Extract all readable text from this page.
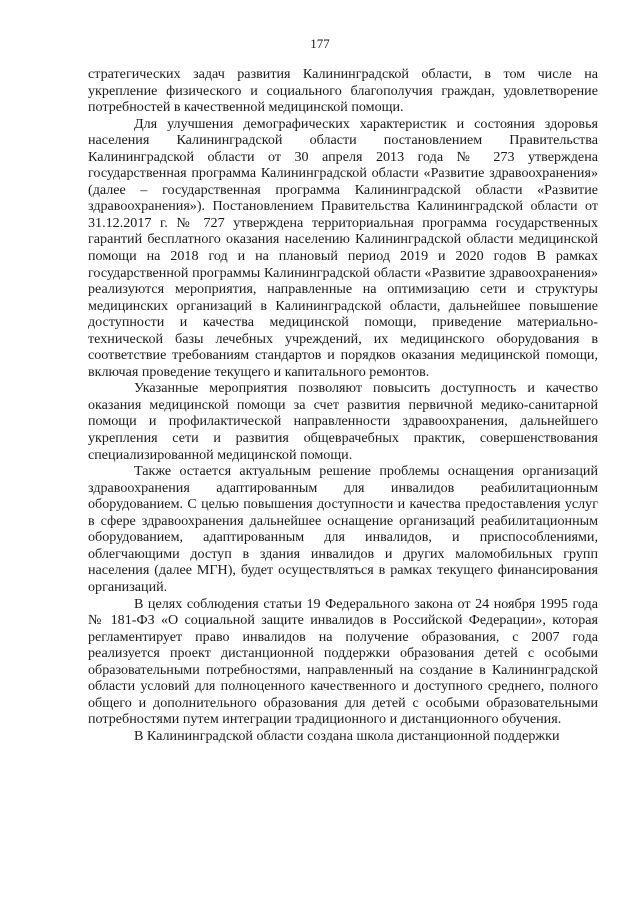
177

стратегических задач развития Калининградской области, в том числе на укрепление физического и социального благополучия граждан, удовлетворение потребностей в качественной медицинской помощи.

Для улучшения демографических характеристик и состояния здоровья населения Калининградской области постановлением Правительства Калининградской области от 30 апреля 2013 года № 273 утверждена государственная программа Калининградской области «Развитие здравоохранения» (далее – государственная программа Калининградской области «Развитие здравоохранения»). Постановлением Правительства Калининградской области от 31.12.2017 г. № 727 утверждена территориальная программа государственных гарантий бесплатного оказания населению Калининградской области медицинской помощи на 2018 год и на плановый период 2019 и 2020 годов В рамках государственной программы Калининградской области «Развитие здравоохранения» реализуются мероприятия, направленные на оптимизацию сети и структуры медицинских организаций в Калининградской области, дальнейшее повышение доступности и качества медицинской помощи, приведение материально-технической базы лечебных учреждений, их медицинского оборудования в соответствие требованиям стандартов и порядков оказания медицинской помощи, включая проведение текущего и капитального ремонтов.

Указанные мероприятия позволяют повысить доступность и качество оказания медицинской помощи за счет развития первичной медико-санитарной помощи и профилактической направленности здравоохранения, дальнейшего укрепления сети и развития общеврачебных практик, совершенствования специализированной медицинской помощи.

Также остается актуальным решение проблемы оснащения организаций здравоохранения адаптированным для инвалидов реабилитационным оборудованием. С целью повышения доступности и качества предоставления услуг в сфере здравоохранения дальнейшее оснащение организаций реабилитационным оборудованием, адаптированным для инвалидов, и приспособлениями, облегчающими доступ в здания инвалидов и других маломобильных групп населения (далее МГН), будет осуществляться в рамках текущего финансирования организаций.

В целях соблюдения статьи 19 Федерального закона от 24 ноября 1995 года № 181-ФЗ «О социальной защите инвалидов в Российской Федерации», которая регламентирует право инвалидов на получение образования, с 2007 года реализуется проект дистанционной поддержки образования детей с особыми образовательными потребностями, направленный на создание в Калининградской области условий для полноценного качественного и доступного среднего, полного общего и дополнительного образования для детей с особыми образовательными потребностями путем интеграции традиционного и дистанционного обучения.

В Калининградской области создана школа дистанционной поддержки
